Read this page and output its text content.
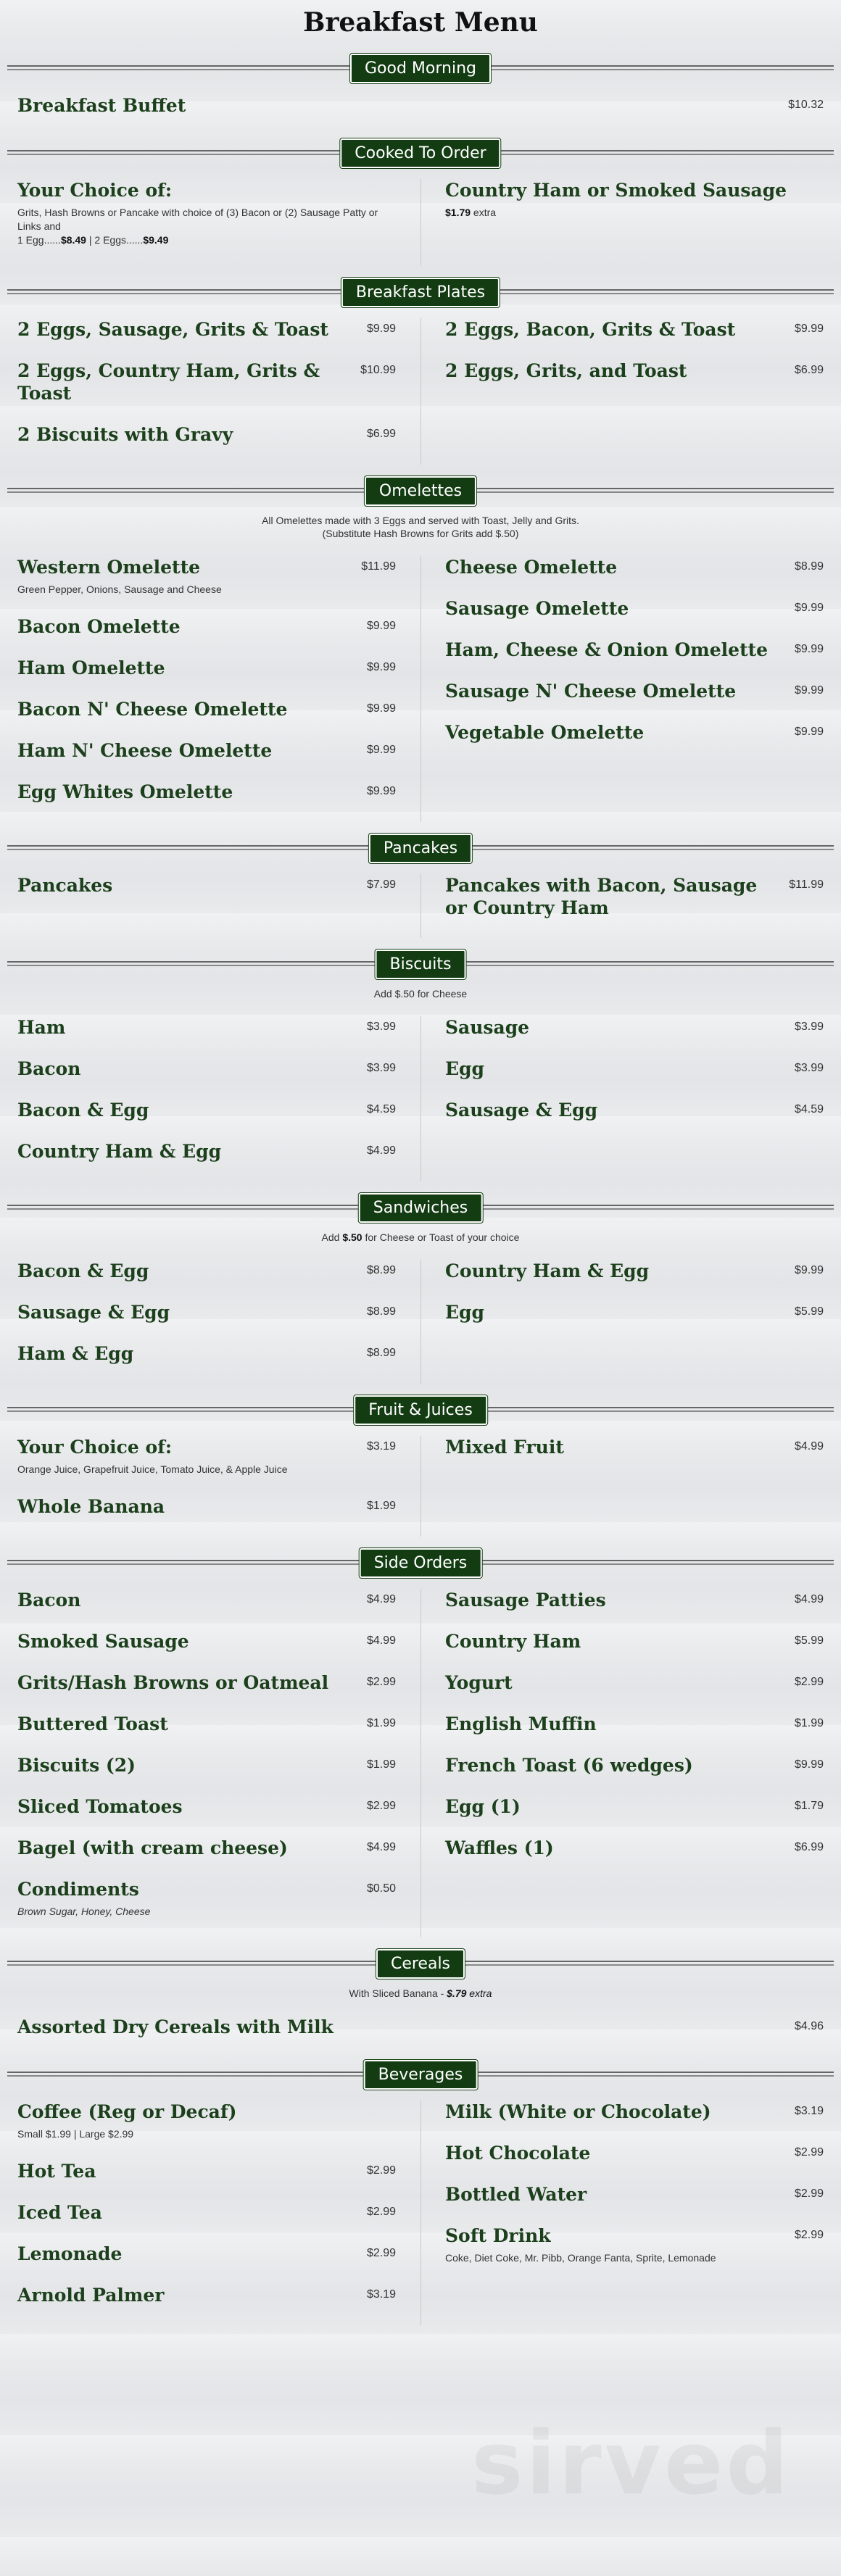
sirved
Breakfast Menu
Good Morning
Breakfast Buffet	$10.32
Cooked To Order
Your Choice of:
Grits, Hash Browns or Pancake with choice of (3) Bacon or (2) Sausage Patty or Links and
1 Egg......$8.49 | 2 Eggs......$9.49
Country Ham or Smoked Sausage
$1.79 extra
Breakfast Plates
2 Eggs, Sausage, Grits & Toast	$9.99
2 Eggs, Country Ham, Grits & Toast
$10.99
2 Biscuits with Gravy	$6.99
2 Eggs, Bacon, Grits & Toast	$9.99
2 Eggs, Grits, and Toast	$6.99
Omelettes
All Omelettes made with 3 Eggs and served with Toast, Jelly and Grits.
(Substitute Hash Browns for Grits add $.50)
Western Omelette	$11.99
Green Pepper, Onions, Sausage and Cheese
Bacon Omelette	$9.99
Ham Omelette	$9.99
Bacon N' Cheese Omelette	$9.99
Ham N' Cheese Omelette	$9.99
Egg Whites Omelette	$9.99
Cheese Omelette	$8.99
Sausage Omelette	$9.99
Ham, Cheese & Onion Omelette	$9.99
Sausage N' Cheese Omelette	$9.99
Vegetable Omelette	$9.99
Pancakes
Pancakes	$7.99	Pancakes with Bacon, Sausage or Country Ham
$11.99
Biscuits
Add $.50 for Cheese
Ham	$3.99
Bacon	$3.99
Bacon & Egg	$4.59
Country Ham & Egg	$4.99
Sausage	$3.99
Egg	$3.99
Sausage & Egg	$4.59
Sandwiches
Add $.50 for Cheese or Toast of your choice
Bacon & Egg	$8.99
Sausage & Egg	$8.99
Ham & Egg	$8.99
Country Ham & Egg	$9.99
Egg	$5.99
Fruit & Juices
Your Choice of:	$3.19
Orange Juice, Grapefruit Juice, Tomato Juice, & Apple Juice
Whole Banana	$1.99
Mixed Fruit	$4.99
Side Orders
Bacon	$4.99
Smoked Sausage	$4.99
Grits/Hash Browns or Oatmeal	$2.99
Buttered Toast	$1.99
Biscuits (2)	$1.99
Sliced Tomatoes	$2.99
Bagel (with cream cheese)	$4.99
Condiments	$0.50
Brown Sugar, Honey, Cheese
Sausage Patties	$4.99
Country Ham	$5.99
Yogurt	$2.99
English Muffin	$1.99
French Toast (6 wedges)	$9.99
Egg (1)	$1.79
Waffles (1)	$6.99
Cereals
With Sliced Banana - $.79 extra
Assorted Dry Cereals with Milk	$4.96
Beverages
Coffee (Reg or Decaf)
Small $1.99 | Large $2.99
Hot Tea	$2.99
Iced Tea	$2.99
Lemonade	$2.99
Arnold Palmer	$3.19
Milk (White or Chocolate)	$3.19
Hot Chocolate	$2.99
Bottled Water	$2.99
Soft Drink	$2.99
Coke, Diet Coke, Mr. Pibb, Orange Fanta, Sprite, Lemonade
